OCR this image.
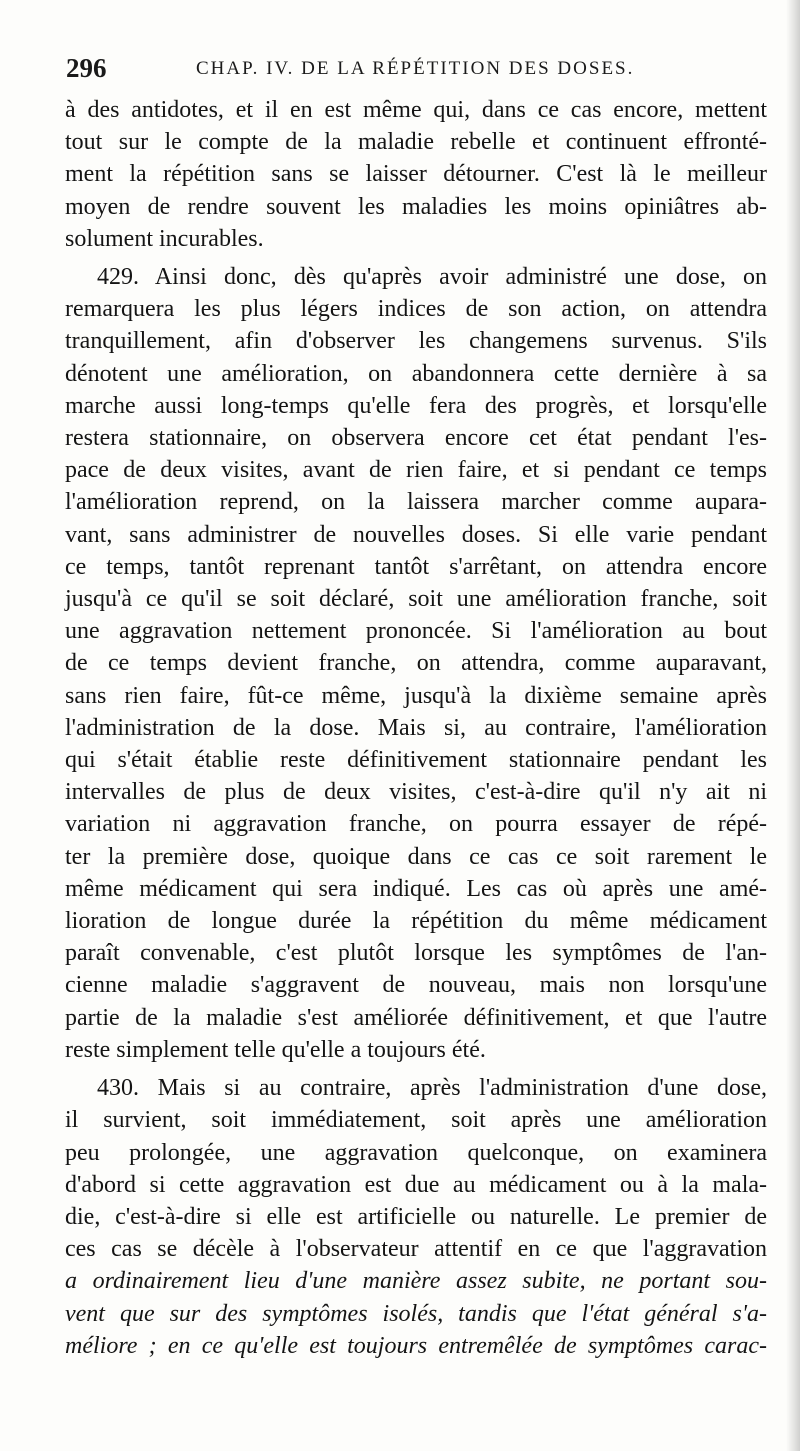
296	CHAP. IV. DE LA RÉPÉTITION DES DOSES.
à des antidotes, et il en est même qui, dans ce cas encore, mettent
tout sur le compte de la maladie rebelle et continuent effronté-
ment la répétition sans se laisser détourner. C'est là le meilleur
moyen de rendre souvent les maladies les moins opiniâtres ab-
solument incurables.
429. Ainsi donc, dès qu'après avoir administré une dose, on
remarquera les plus légers indices de son action, on attendra
tranquillement, afin d'observer les changemens survenus. S'ils
dénotent une amélioration, on abandonnera cette dernière à sa
marche aussi long-temps qu'elle fera des progrès, et lorsqu'elle
restera stationnaire, on observera encore cet état pendant l'es-
pace de deux visites, avant de rien faire, et si pendant ce temps
l'amélioration reprend, on la laissera marcher comme aupara-
vant, sans administrer de nouvelles doses. Si elle varie pendant
ce temps, tantôt reprenant tantôt s'arrêtant, on attendra encore
jusqu'à ce qu'il se soit déclaré, soit une amélioration franche, soit
une aggravation nettement prononcée. Si l'amélioration au bout
de ce temps devient franche, on attendra, comme auparavant,
sans rien faire, fût-ce même, jusqu'à la dixième semaine après
l'administration de la dose. Mais si, au contraire, l'amélioration
qui s'était établie reste définitivement stationnaire pendant les
intervalles de plus de deux visites, c'est-à-dire qu'il n'y ait ni
variation ni aggravation franche, on pourra essayer de répé-
ter la première dose, quoique dans ce cas ce soit rarement le
même médicament qui sera indiqué. Les cas où après une amé-
lioration de longue durée la répétition du même médicament
paraît convenable, c'est plutôt lorsque les symptômes de l'an-
cienne maladie s'aggravent de nouveau, mais non lorsqu'une
partie de la maladie s'est améliorée définitivement, et que l'autre
reste simplement telle qu'elle a toujours été.
430. Mais si au contraire, après l'administration d'une dose,
il survient, soit immédiatement, soit après une amélioration
peu prolongée, une aggravation quelconque, on examinera
d'abord si cette aggravation est due au médicament ou à la mala-
die, c'est-à-dire si elle est artificielle ou naturelle. Le premier de
ces cas se décèle à l'observateur attentif en ce que l'aggravation
a ordinairement lieu d'une manière assez subite, ne portant sou-
vent que sur des symptômes isolés, tandis que l'état général s'a-
méliore ; en ce qu'elle est toujours entremêlée de symptômes carac-
